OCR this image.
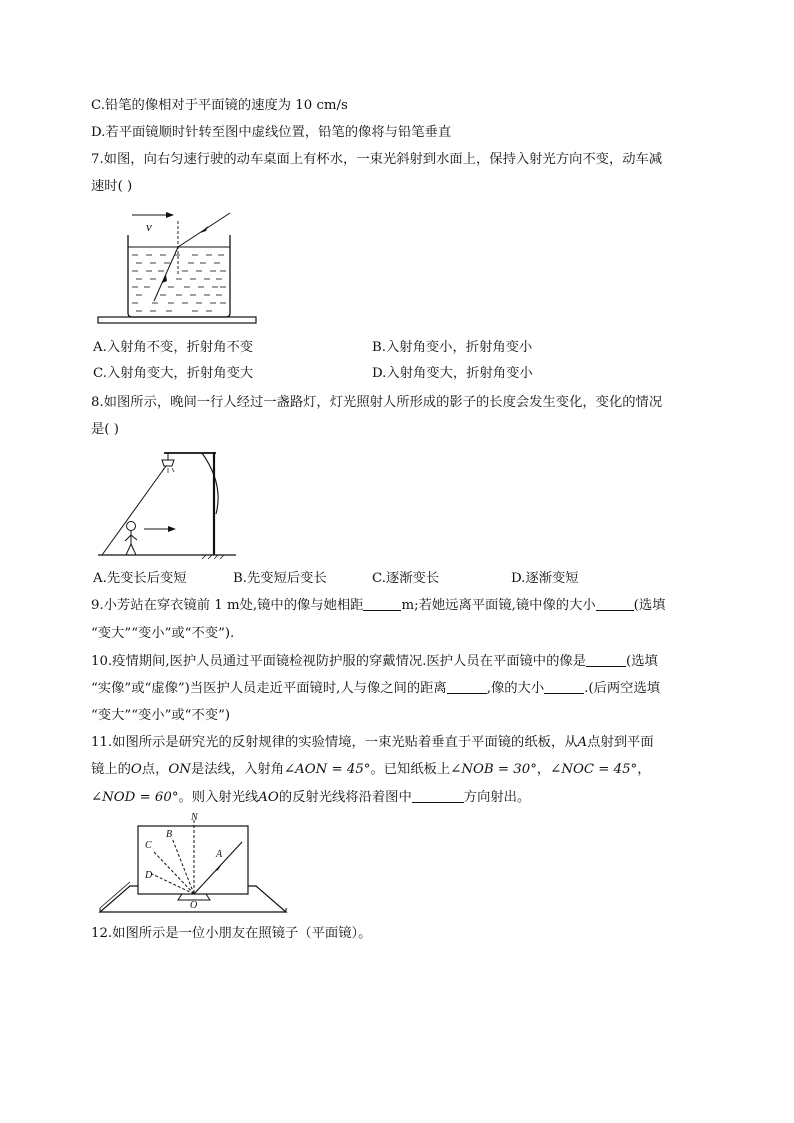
C.铅笔的像相对于平面镜的速度为 10 cm/s
D.若平面镜顺时针转至图中虚线位置，铅笔的像将与铅笔垂直
7.如图，向右匀速行驶的动车桌面上有杯水，一束光斜射到水面上，保持入射光方向不变，动车减
速时( )
v
A.入射角不变，折射角不变	B.入射角变小，折射角变小
C.入射角变大，折射角变大	D.入射角变大，折射角变小
8.如图所示，晚间一行人经过一盏路灯，灯光照射人所形成的影子的长度会发生变化，变化的情况
是( )
A.先变长后变短	B.先变短后变长	C.逐渐变长	D.逐渐变短
9.小芳站在穿衣镜前 1 m处,镜中的像与她相距	m;若她远离平面镜,镜中像的大小	(选填
“变大”“变小”或“不变”).
10.疫情期间,医护人员通过平面镜检视防护服的穿戴情况.医护人员在平面镜中的像是	(选填
“实像”或“虚像”)当医护人员走近平面镜时,人与像之间的距离	,像的大小	.(后两空选填
“变大”“变小”或“不变”)
11.如图所示是研究光的反射规律的实验情境，一束光贴着垂直于平面镜的纸板，从A点射到平面
镜上的O点，ON是法线，入射角∠AON = 45°。已知纸板上∠NOB = 30°，∠NOC = 45°，
∠NOD = 60°。则入射光线AO的反射光线将沿着图中	方向射出。
N
B
C
D
A
O
12.如图所示是一位小朋友在照镜子（平面镜）。
